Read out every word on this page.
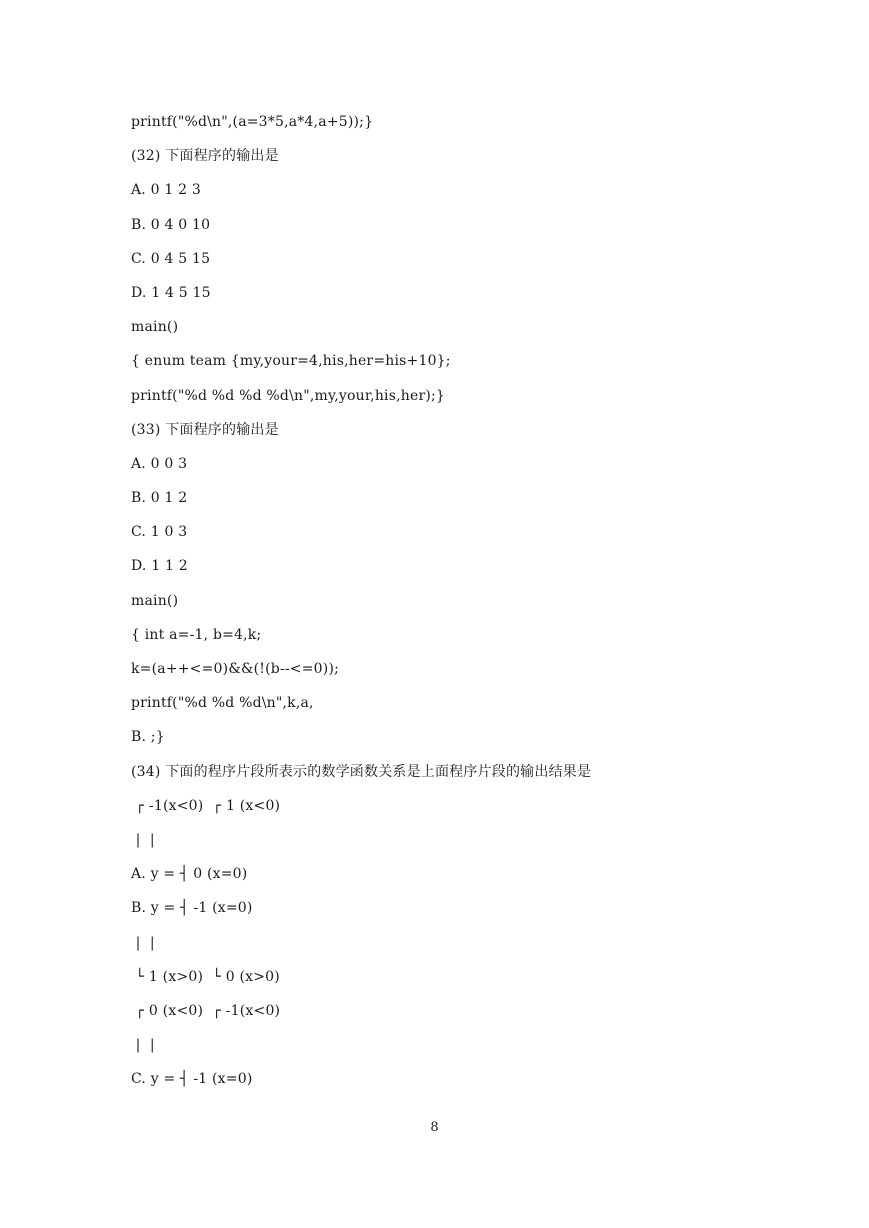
printf("%d\n",(a=3*5,a*4,a+5));}
(32) 下面程序的输出是
A. 0 1 2 3
B. 0 4 0 10
C. 0 4 5 15
D. 1 4 5 15
main()
{ enum team {my,your=4,his,her=his+10};
printf("%d %d %d %d\n",my,your,his,her);}
(33) 下面程序的输出是
A. 0 0 3
B. 0 1 2
C. 1 0 3
D. 1 1 2
main()
{ int a=-1, b=4,k;
k=(a++<=0)&&(!(b--<=0));
printf("%d %d %d\n",k,a,
B. ;}
(34) 下面的程序片段所表示的数学函数关系是上面程序片段的输出结果是
┌ -1(x<0)  ┌ 1 (x<0)
|  |
A. y = ┤ 0 (x=0)
B. y = ┤ -1 (x=0)
|  |
└ 1 (x>0)  └ 0 (x>0)
┌ 0 (x<0)  ┌ -1(x<0)
|  |
C. y = ┤ -1 (x=0)
8
